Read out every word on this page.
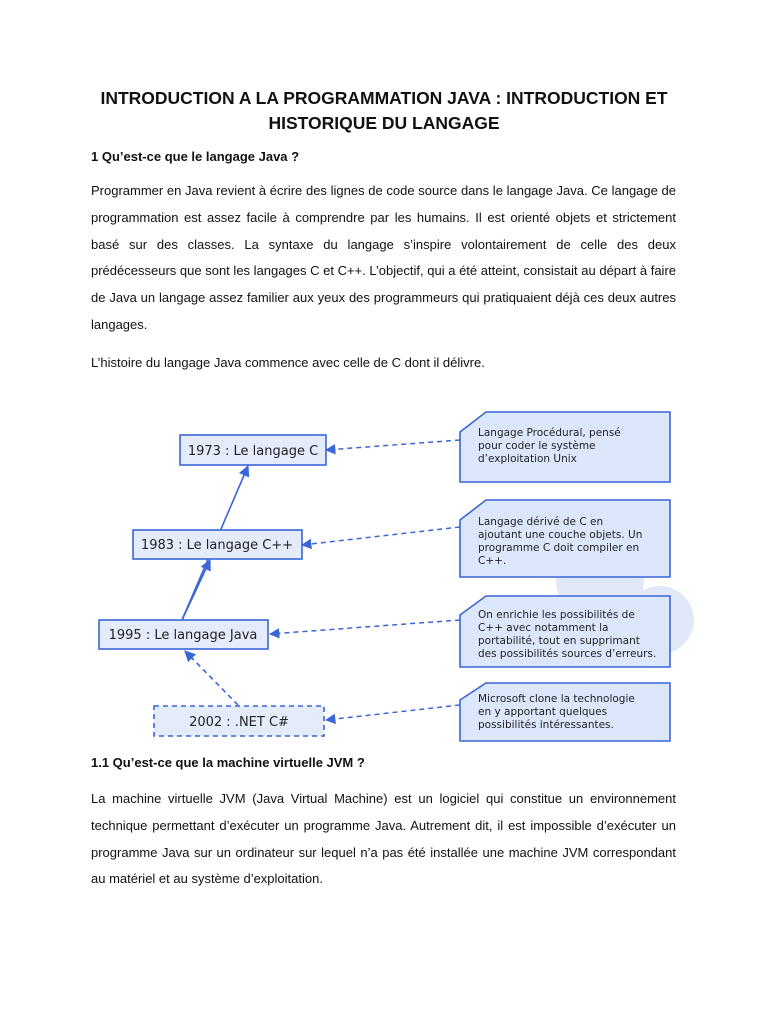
INTRODUCTION A LA PROGRAMMATION JAVA : INTRODUCTION ET
HISTORIQUE DU LANGAGE
1 Qu’est-ce que le langage Java ?

Programmer en Java revient à écrire des lignes de code source dans le langage Java. Ce langage de programmation est assez facile à comprendre par les humains. Il est orienté objets et strictement basé sur des classes. La syntaxe du langage s’inspire volontairement de celle des deux prédécesseurs que sont les langages C et C++. L’objectif, qui a été atteint, consistait au départ à faire de Java un langage assez familier aux yeux des programmeurs qui pratiquaient déjà ces deux autres langages.

L’histoire du langage Java commence avec celle de C dont il délivre.

1973 : Le langage C
1983 : Le langage C++
1995 : Le langage Java
2002 : .NET C#
Langage Procédural, pensé pour coder le système d’exploitation Unix
Langage dérivé de C en ajoutant une couche objets. Un programme C doit compiler en C++.
On enrichie les possibilités de C++ avec notamment la portabilité, tout en supprimant des possibilités sources d’erreurs.
Microsoft clone la technologie en y apportant quelques possibilités intéressantes.
1.1 Qu’est-ce que la machine virtuelle JVM ?

La machine virtuelle JVM (Java Virtual Machine) est un logiciel qui constitue un environnement technique permettant d’exécuter un programme Java. Autrement dit, il est impossible d’exécuter un programme Java sur un ordinateur sur lequel n’a pas été installée une machine JVM correspondant au matériel et au système d’exploitation.
